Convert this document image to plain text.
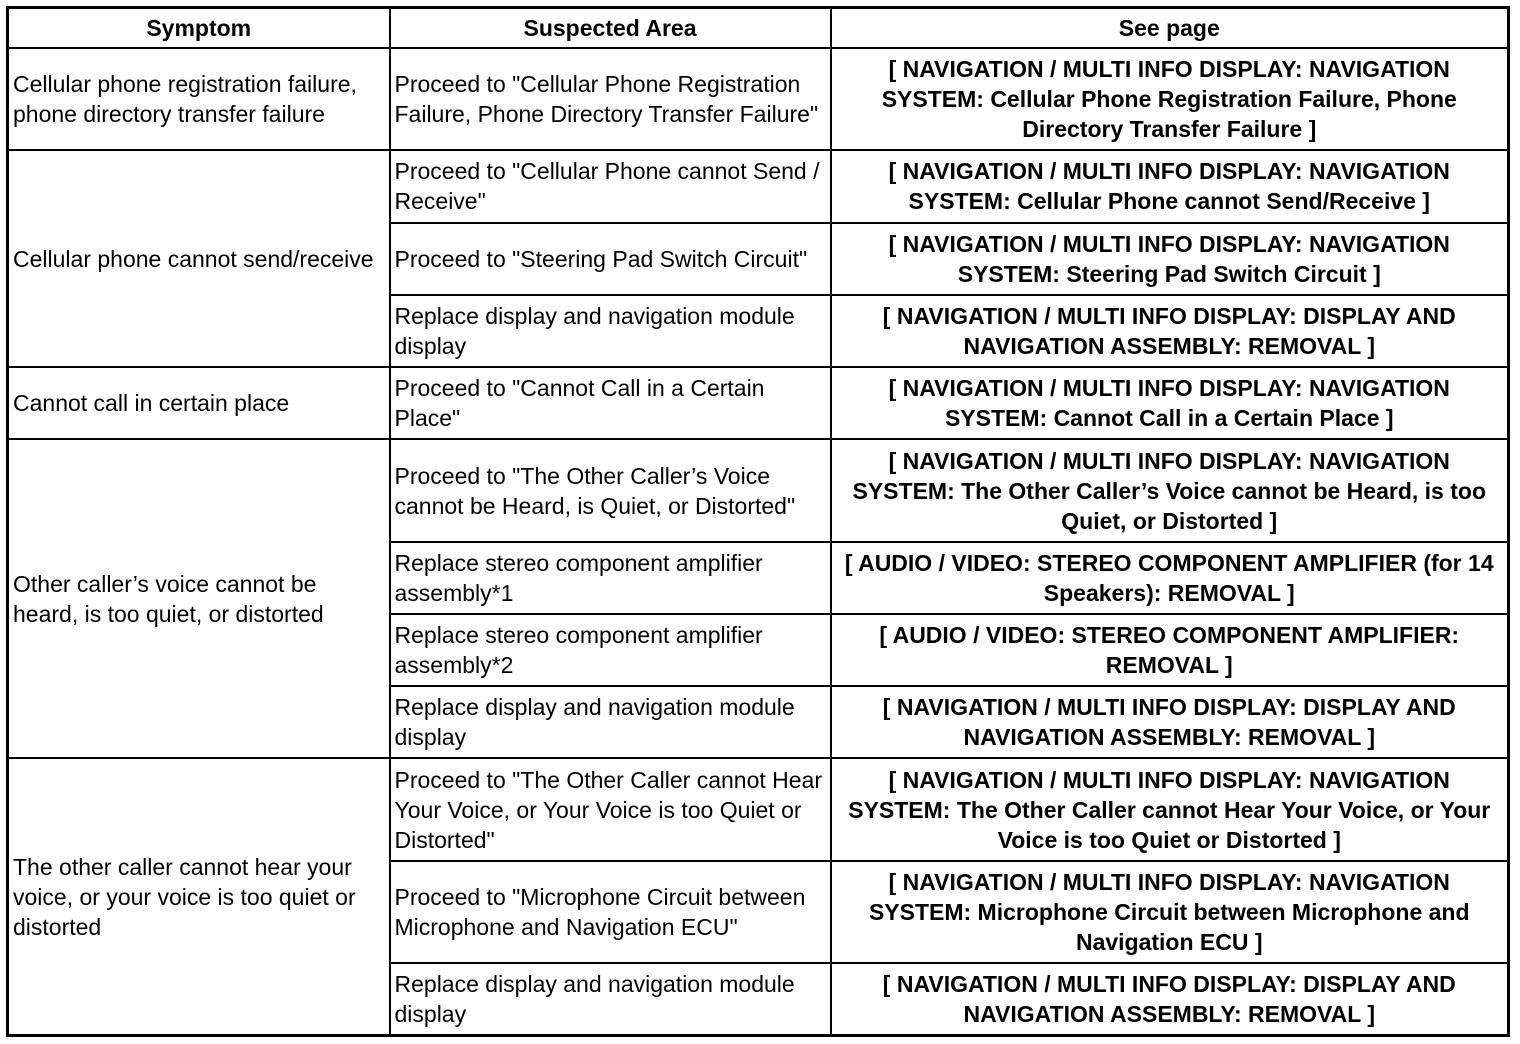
Symptom	Suspected Area	See page
Cellular phone registration failure, phone directory transfer failure	Proceed to "Cellular Phone Registration Failure, Phone Directory Transfer Failure"	[ NAVIGATION / MULTI INFO DISPLAY: NAVIGATION SYSTEM: Cellular Phone Registration Failure, Phone Directory Transfer Failure ]
Cellular phone cannot send/receive	Proceed to "Cellular Phone cannot Send / Receive"	[ NAVIGATION / MULTI INFO DISPLAY: NAVIGATION SYSTEM: Cellular Phone cannot Send/Receive ]
	Proceed to "Steering Pad Switch Circuit"	[ NAVIGATION / MULTI INFO DISPLAY: NAVIGATION SYSTEM: Steering Pad Switch Circuit ]
	Replace display and navigation module display	[ NAVIGATION / MULTI INFO DISPLAY: DISPLAY AND NAVIGATION ASSEMBLY: REMOVAL ]
Cannot call in certain place	Proceed to "Cannot Call in a Certain Place"	[ NAVIGATION / MULTI INFO DISPLAY: NAVIGATION SYSTEM: Cannot Call in a Certain Place ]
Other caller’s voice cannot be heard, is too quiet, or distorted	Proceed to "The Other Caller’s Voice cannot be Heard, is Quiet, or Distorted"	[ NAVIGATION / MULTI INFO DISPLAY: NAVIGATION SYSTEM: The Other Caller’s Voice cannot be Heard, is too Quiet, or Distorted ]
	Replace stereo component amplifier assembly*1	[ AUDIO / VIDEO: STEREO COMPONENT AMPLIFIER (for 14 Speakers): REMOVAL ]
	Replace stereo component amplifier assembly*2	[ AUDIO / VIDEO: STEREO COMPONENT AMPLIFIER: REMOVAL ]
	Replace display and navigation module display	[ NAVIGATION / MULTI INFO DISPLAY: DISPLAY AND NAVIGATION ASSEMBLY: REMOVAL ]
The other caller cannot hear your voice, or your voice is too quiet or distorted	Proceed to "The Other Caller cannot Hear Your Voice, or Your Voice is too Quiet or Distorted"	[ NAVIGATION / MULTI INFO DISPLAY: NAVIGATION SYSTEM: The Other Caller cannot Hear Your Voice, or Your Voice is too Quiet or Distorted ]
	Proceed to "Microphone Circuit between Microphone and Navigation ECU"	[ NAVIGATION / MULTI INFO DISPLAY: NAVIGATION SYSTEM: Microphone Circuit between Microphone and Navigation ECU ]
	Replace display and navigation module display	[ NAVIGATION / MULTI INFO DISPLAY: DISPLAY AND NAVIGATION ASSEMBLY: REMOVAL ]
